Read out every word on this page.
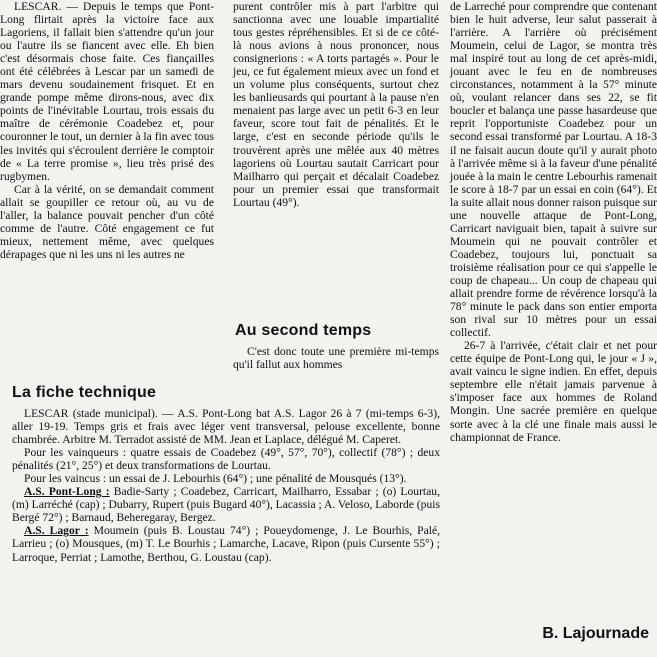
LESCAR. — Depuis le temps que Pont-Long flirtait après la victoire face aux Lagoriens, il fallait bien s'attendre qu'un jour ou l'autre ils se fiancent avec elle. Eh bien c'est désormais chose faite. Ces fiançailles ont été célébrées à Lescar par un samedi de mars devenu soudainement frisquet. Et en grande pompe même dirons-nous, avec dix points de l'inévitable Lourtau, trois essais du maître de cérémonie Coadebez et, pour couronner le tout, un dernier à la fin avec tous les invités qui s'écroulent derrière le comptoir de « La terre promise », lieu très prisé des rugbymen.

Car à la vérité, on se demandait comment allait se goupiller ce retour où, au vu de l'aller, la balance pouvait pencher d'un côté comme de l'autre. Côté engagement ce fut mieux, nettement même, avec quelques dérapages que ni les uns ni les autres ne

purent contrôler mis à part l'arbitre qui sanctionna avec une louable impartialité tous gestes répréhensibles. Et si de ce côté-là nous avions à nous prononcer, nous consignerions : « A torts partagés ». Pour le jeu, ce fut également mieux avec un fond et un volume plus conséquents, surtout chez les banlieusards qui pourtant à la pause n'en menaient pas large avec un petit 6-3 en leur faveur, score tout fait de pénalités. Et le large, c'est en seconde période qu'ils le trouvèrent après une mêlée aux 40 mètres lagoriens où Lourtau sautait Carricart pour Mailharro qui perçait et décalait Coadebez pour un premier essai que transformait Lourtau (49°).

Au second temps

C'est donc toute une première mi-temps qu'il fallut aux hommes

de Larreché pour comprendre que contenant bien le huit adverse, leur salut passerait à l'arrière. A l'arrière où précisément Moumein, celui de Lagor, se montra très mal inspiré tout au long de cet après-midi, jouant avec le feu en de nombreuses circonstances, notamment à la 57° minute où, voulant relancer dans ses 22, se fit boucler et balança une passe hasardeuse que reprit l'opportuniste Coadebez pour un second essai transformé par Lourtau. A 18-3 il ne faisait aucun doute qu'il y aurait photo à l'arrivée même si à la faveur d'une pénalité jouée à la main le centre Lebourhis ramenait le score à 18-7 par un essai en coin (64°). Et la suite allait nous donner raison puisque sur une nouvelle attaque de Pont-Long, Carricart naviguait bien, tapait à suivre sur Moumein qui ne pouvait contrôler et Coadebez, toujours lui, ponctuait sa troisième réalisation pour ce qui s'appelle le coup de chapeau... Un coup de chapeau qui allait prendre forme de révérence lorsqu'à la 78° minute le pack dans son entier emporta son rival sur 10 mètres pour un essai collectif.

26-7 à l'arrivée, c'était clair et net pour cette équipe de Pont-Long qui, le jour « J », avait vaincu le signe indien. En effet, depuis septembre elle n'était jamais parvenue à s'imposer face aux hommes de Roland Mongin. Une sacrée première en quelque sorte avec à la clé une finale mais aussi le championnat de France.

La fiche technique

LESCAR (stade municipal). — A.S. Pont-Long bat A.S. Lagor 26 à 7 (mi-temps 6-3), aller 19-19. Temps gris et frais avec léger vent transversal, pelouse excellente, bonne chambrée. Arbitre M. Terradot assisté de MM. Jean et Laplace, délégué M. Caperet.

Pour les vainqueurs : quatre essais de Coadebez (49°, 57°, 70°), collectif (78°) ; deux pénalités (21°, 25°) et deux transformations de Lourtau.

Pour les vaincus : un essai de J. Lebourhis (64°) ; une pénalité de Mousqués (13°).

A.S. Pont-Long : Badie-Sarty ; Coadebez, Carricart, Mailharro, Essabar ; (o) Lourtau, (m) Larréché (cap) ; Dubarry, Rupert (puis Bugard 40°), Lacassia ; A. Veloso, Laborde (puis Bergé 72°) ; Barnaud, Beheregaray, Bergez.

A.S. Lagor : Moumein (puis B. Loustau 74°) ; Poueydomenge, J. Le Bourhis, Palé, Larrieu ; (o) Mousques, (m) T. Le Bourhis ; Lamarche, Lacave, Ripon (puis Cursente 55°) ; Larroque, Perriat ; Lamothe, Berthou, G. Loustau (cap).

B. Lajournade
